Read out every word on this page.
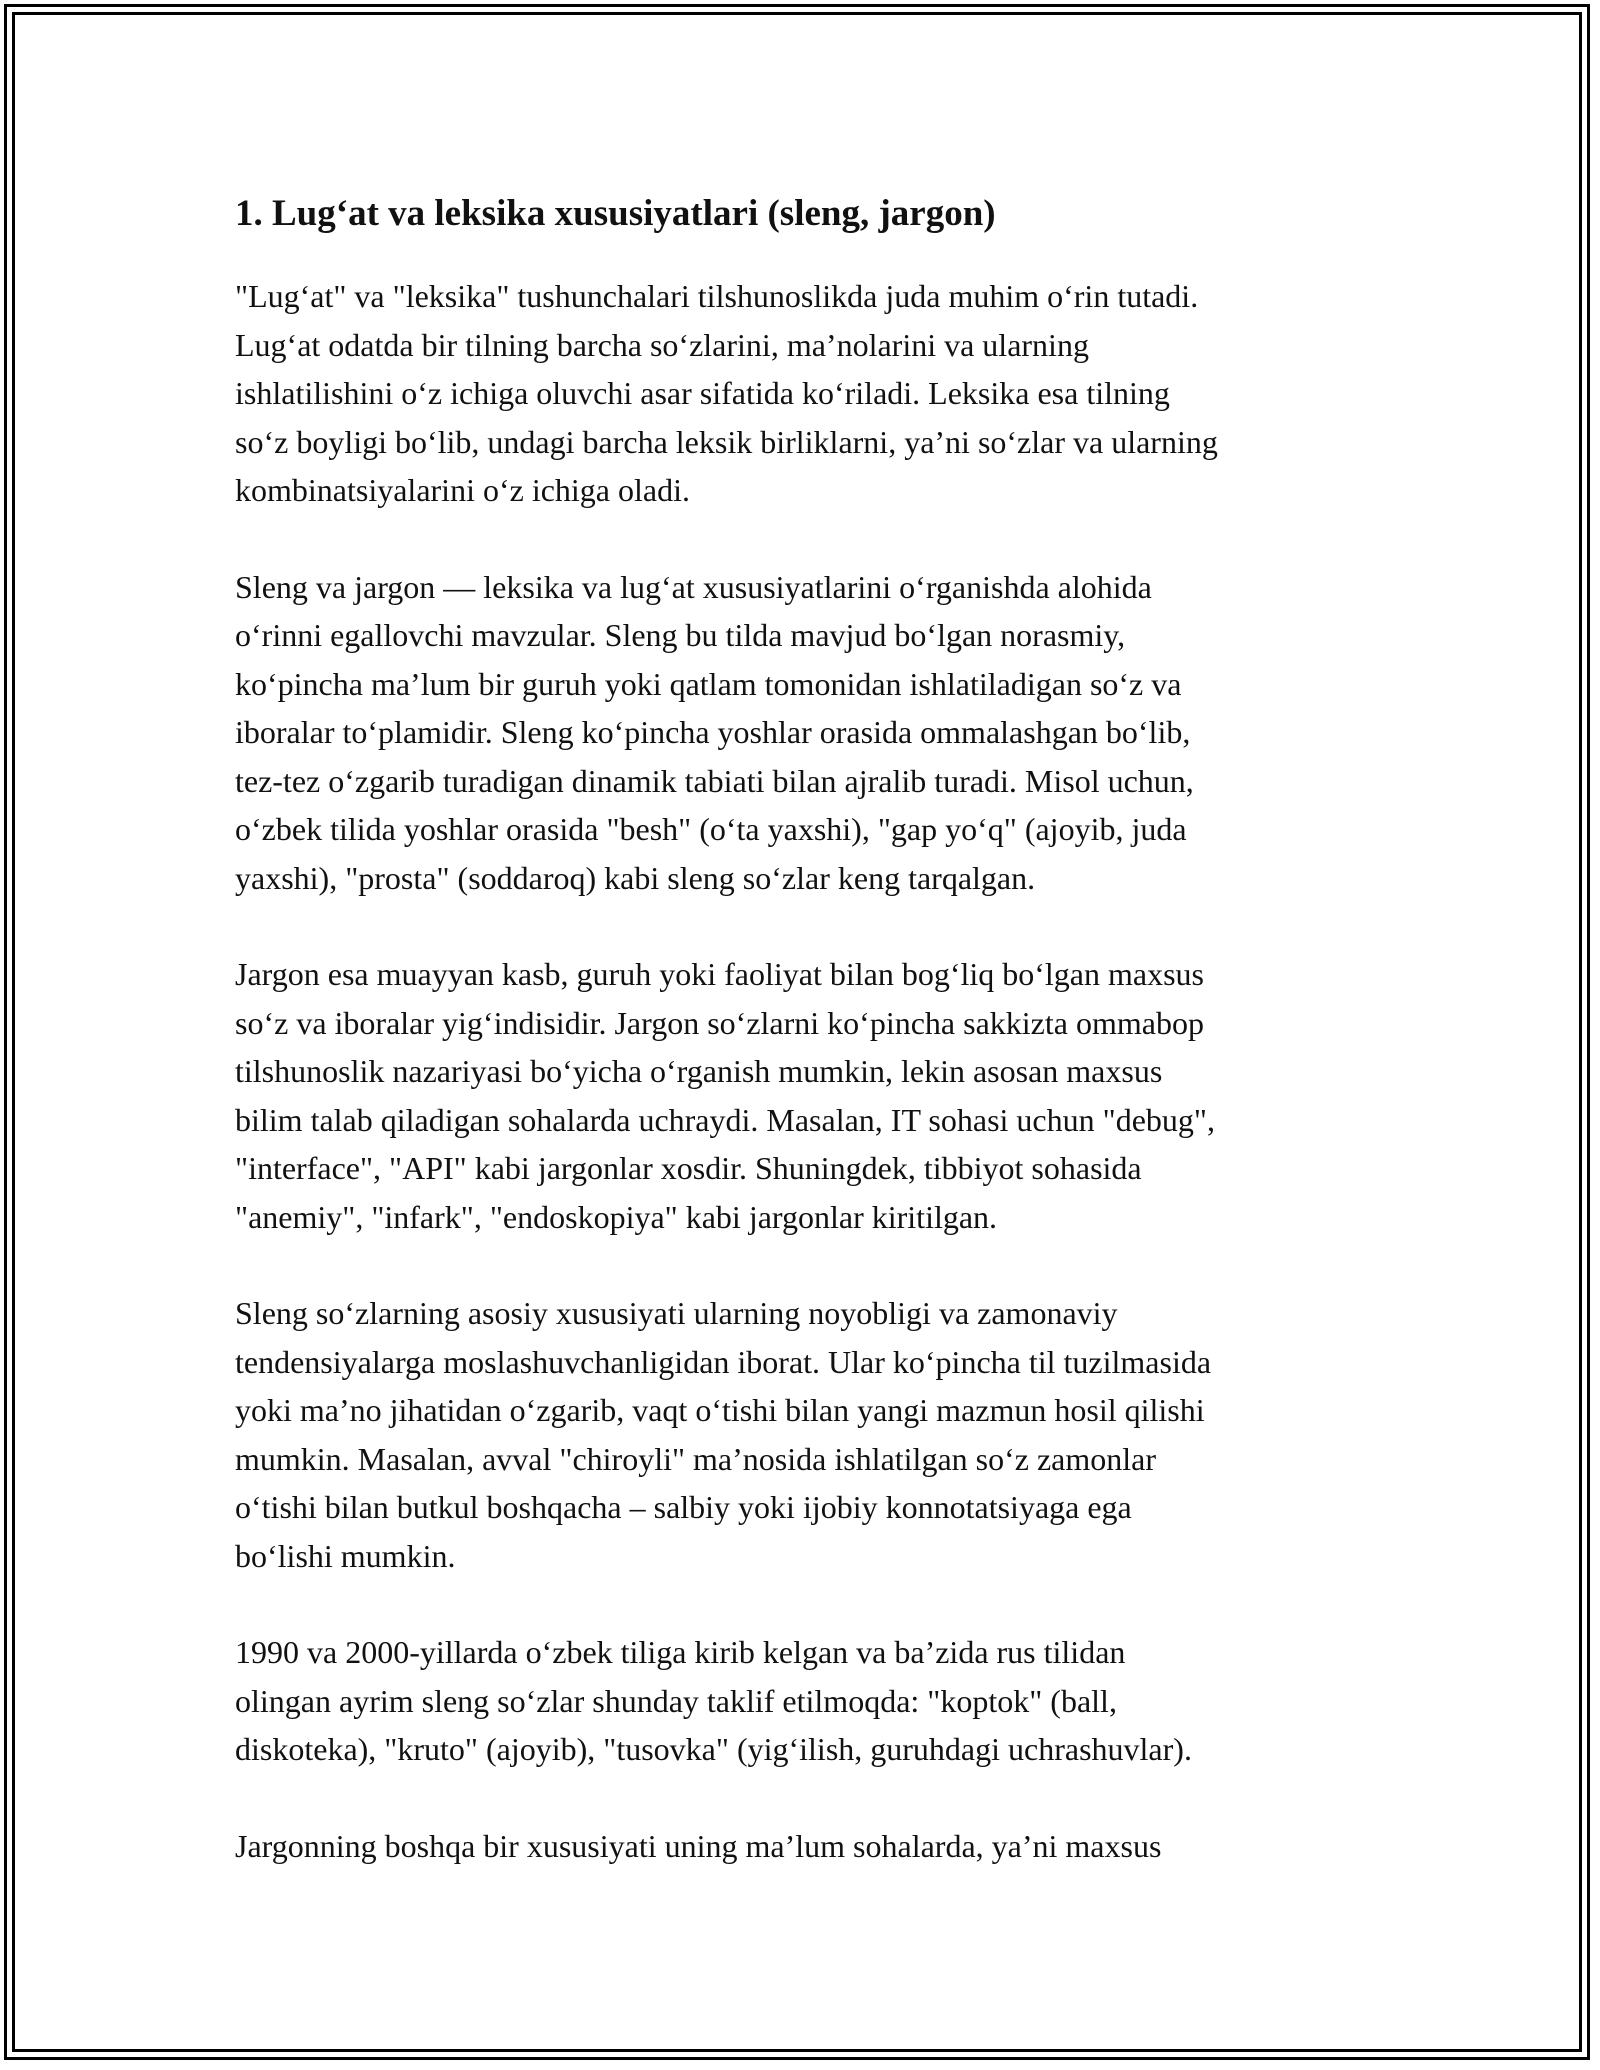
1. Lug‘at va leksika xususiyatlari (sleng, jargon)

"Lug‘at" va "leksika" tushunchalari tilshunoslikda juda muhim o‘rin tutadi.
Lug‘at odatda bir tilning barcha so‘zlarini, ma’nolarini va ularning
ishlatilishini o‘z ichiga oluvchi asar sifatida ko‘riladi. Leksika esa tilning
so‘z boyligi bo‘lib, undagi barcha leksik birliklarni, ya’ni so‘zlar va ularning
kombinatsiyalarini o‘z ichiga oladi.

Sleng va jargon — leksika va lug‘at xususiyatlarini o‘rganishda alohida
o‘rinni egallovchi mavzular. Sleng bu tilda mavjud bo‘lgan norasmiy,
ko‘pincha ma’lum bir guruh yoki qatlam tomonidan ishlatiladigan so‘z va
iboralar to‘plamidir. Sleng ko‘pincha yoshlar orasida ommalashgan bo‘lib,
tez-tez o‘zgarib turadigan dinamik tabiati bilan ajralib turadi. Misol uchun,
o‘zbek tilida yoshlar orasida "besh" (o‘ta yaxshi), "gap yo‘q" (ajoyib, juda
yaxshi), "prosta" (soddaroq) kabi sleng so‘zlar keng tarqalgan.

Jargon esa muayyan kasb, guruh yoki faoliyat bilan bog‘liq bo‘lgan maxsus
so‘z va iboralar yig‘indisidir. Jargon so‘zlarni ko‘pincha sakkizta ommabop
tilshunoslik nazariyasi bo‘yicha o‘rganish mumkin, lekin asosan maxsus
bilim talab qiladigan sohalarda uchraydi. Masalan, IT sohasi uchun "debug",
"interface", "API" kabi jargonlar xosdir. Shuningdek, tibbiyot sohasida
"anemiy", "infark", "endoskopiya" kabi jargonlar kiritilgan.

Sleng so‘zlarning asosiy xususiyati ularning noyobligi va zamonaviy
tendensiyalarga moslashuvchanligidan iborat. Ular ko‘pincha til tuzilmasida
yoki ma’no jihatidan o‘zgarib, vaqt o‘tishi bilan yangi mazmun hosil qilishi
mumkin. Masalan, avval "chiroyli" ma’nosida ishlatilgan so‘z zamonlar
o‘tishi bilan butkul boshqacha – salbiy yoki ijobiy konnotatsiyaga ega
bo‘lishi mumkin.

1990 va 2000-yillarda o‘zbek tiliga kirib kelgan va ba’zida rus tilidan
olingan ayrim sleng so‘zlar shunday taklif etilmoqda: "koptok" (ball,
diskoteka), "kruto" (ajoyib), "tusovka" (yig‘ilish, guruhdagi uchrashuvlar).

Jargonning boshqa bir xususiyati uning ma’lum sohalarda, ya’ni maxsus
